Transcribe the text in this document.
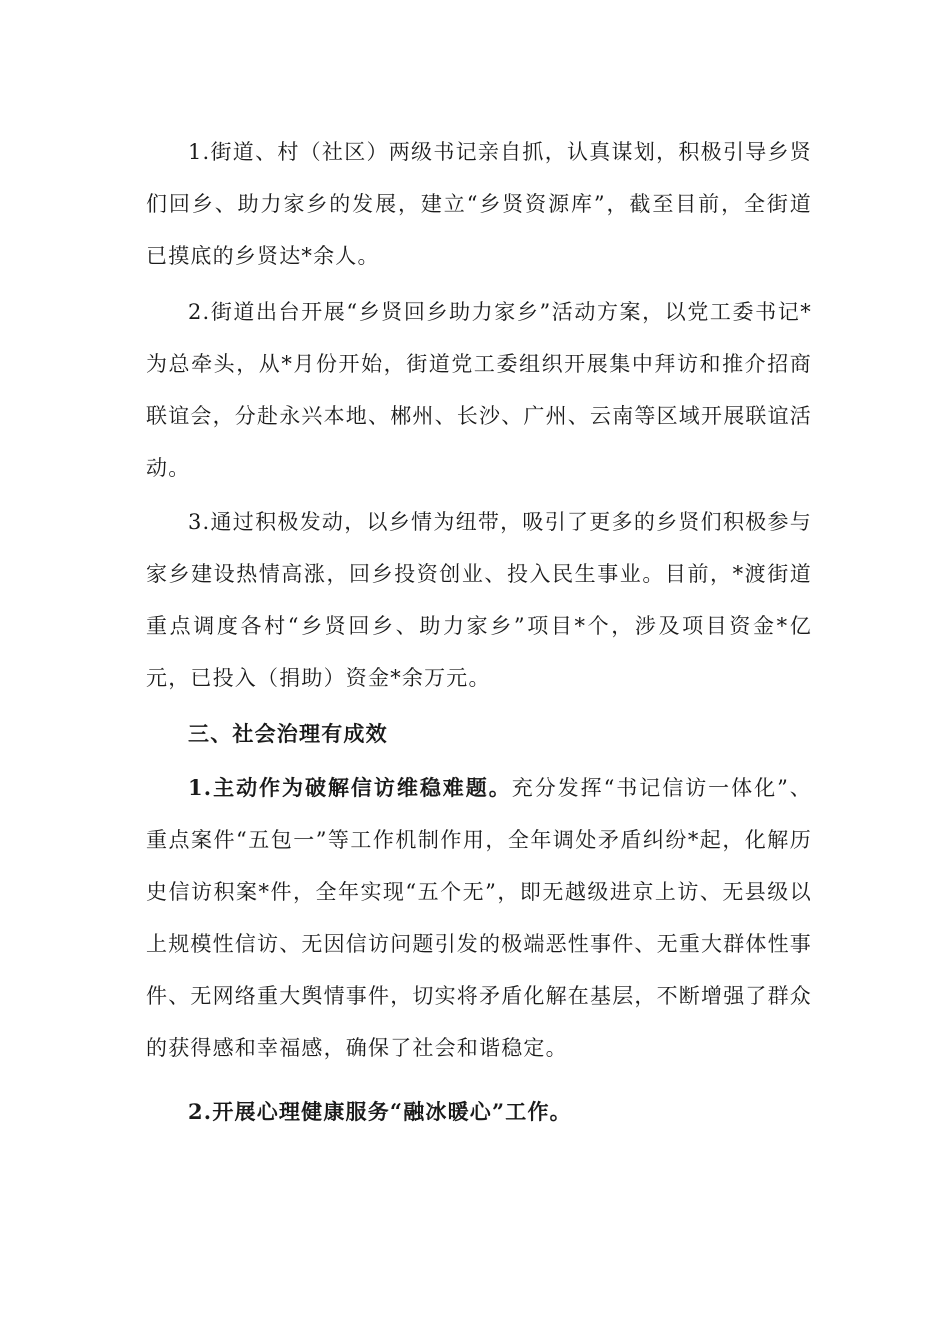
1.街道、村（社区）两级书记亲自抓，认真谋划，积极引导乡贤们回乡、助力家乡的发展，建立“乡贤资源库”，截至目前，全街道已摸底的乡贤达*余人。

2.街道出台开展“乡贤回乡助力家乡”活动方案，以党工委书记*为总牵头，从*月份开始，街道党工委组织开展集中拜访和推介招商联谊会，分赴永兴本地、郴州、长沙、广州、云南等区域开展联谊活动。

3.通过积极发动，以乡情为纽带，吸引了更多的乡贤们积极参与家乡建设热情高涨，回乡投资创业、投入民生事业。目前，*渡街道重点调度各村“乡贤回乡、助力家乡”项目*个，涉及项目资金*亿元，已投入（捐助）资金*余万元。

三、社会治理有成效

1.主动作为破解信访维稳难题。充分发挥“书记信访一体化”、重点案件“五包一”等工作机制作用，全年调处矛盾纠纷*起，化解历史信访积案*件，全年实现“五个无”，即无越级进京上访、无县级以上规模性信访、无因信访问题引发的极端恶性事件、无重大群体性事件、无网络重大舆情事件，切实将矛盾化解在基层，不断增强了群众的获得感和幸福感，确保了社会和谐稳定。

2.开展心理健康服务“融冰暖心”工作。
